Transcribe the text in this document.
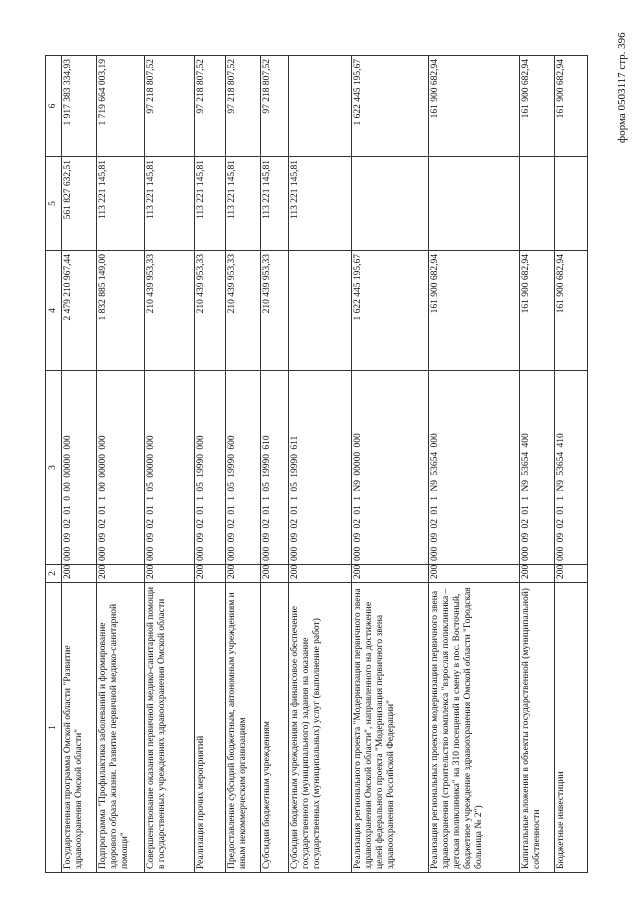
форма 0503117 стр. 396
1	2	3	4	5	6
Государственная программа Омской области "Развитие здравоохранения Омской области"	200	000 09 02 01 0 00 00000 000	2 479 210 967,44	561 827 632,51	1 917 383 334,93
Подпрограмма "Профилактика заболеваний и формирование здорового образа жизни. Развитие первичной медико-санитарной помощи"	200	000 09 02 01 1 00 00000 000	1 832 885 149,00	113 221 145,81	1 719 664 003,19
Совершенствование оказания первичной медико-санитарной помощи в государственных учреждениях здравоохранения Омской области	200	000 09 02 01 1 05 00000 000	210 439 953,33	113 221 145,81	97 218 807,52
Реализация прочих мероприятий	200	000 09 02 01 1 05 19990 000	210 439 953,33	113 221 145,81	97 218 807,52
Предоставление субсидий бюджетным, автономным учреждениям и иным некоммерческим организациям	200	000 09 02 01 1 05 19990 600	210 439 953,33	113 221 145,81	97 218 807,52
Субсидии бюджетным учреждениям	200	000 09 02 01 1 05 19990 610	210 439 953,33	113 221 145,81	97 218 807,52
Субсидии бюджетным учреждениям на финансовое обеспечение государственного (муниципального) задания на оказание государственных (муниципальных) услуг (выполнение работ)	200	000 09 02 01 1 05 19990 611		113 221 145,81	
Реализация регионального проекта "Модернизация первичного звена здравоохранения Омской области", направленного на достижение целей федерального проекта "Модернизация первичного звена здравоохранения Российской Федерации"	200	000 09 02 01 1 N9 00000 000	1 622 445 195,67		1 622 445 195,67
Реализация региональных проектов модернизации первичного звена здравоохранения (строительство комплекса "взрослая поликлиника – детская поликлиника" на 310 посещений в смену в пос. Восточный, бюджетное учреждение здравоохранения Омской области "Городская больница № 2")	200	000 09 02 01 1 N9 53654 000	161 900 682,94		161 900 682,94
Капитальные вложения в объекты государственной (муниципальной) собственности	200	000 09 02 01 1 N9 53654 400	161 900 682,94		161 900 682,94
Бюджетные инвестиции	200	000 09 02 01 1 N9 53654 410	161 900 682,94		161 900 682,94
